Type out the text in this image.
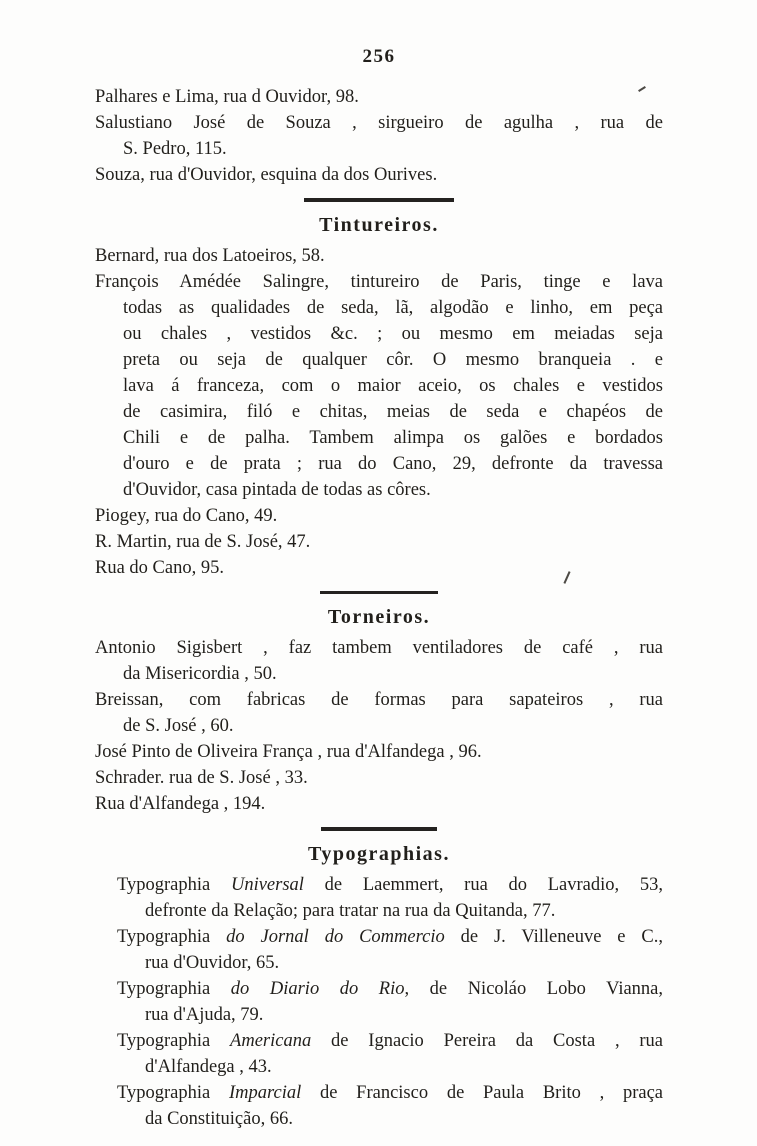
256

Palhares e Lima, rua d Ouvidor, 98.

Salustiano José de Souza , sirgueiro de agulha , rua de

S. Pedro, 115.

Souza, rua d'Ouvidor, esquina da dos Ourives.

Tintureiros.

Bernard, rua dos Latoeiros, 58.

François Amédée Salingre, tintureiro de Paris, tinge e lava

todas as qualidades de seda, lã, algodão e linho, em peça

ou chales , vestidos &c. ; ou mesmo em meiadas seja

preta ou seja de qualquer côr. O mesmo branqueia . e

lava á franceza, com o maior aceio, os chales e vestidos

de casimira, filó e chitas, meias de seda e chapéos de

Chili e de palha. Tambem alimpa os galões e bordados

d'ouro e de prata ; rua do Cano, 29, defronte da travessa

d'Ouvidor, casa pintada de todas as côres.

Piogey, rua do Cano, 49.

R. Martin, rua de S. José, 47.

Rua do Cano, 95.

Torneiros.

Antonio Sigisbert , faz tambem ventiladores de café , rua

da Misericordia , 50.

Breissan, com fabricas de formas para sapateiros , rua

de S. José , 60.

José Pinto de Oliveira França , rua d'Alfandega , 96.

Schrader. rua de S. José , 33.

Rua d'Alfandega , 194.

Typographias.

Typographia Universal de Laemmert, rua do Lavradio, 53,

defronte da Relação; para tratar na rua da Quitanda, 77.

Typographia do Jornal do Commercio de J. Villeneuve e C.,

rua d'Ouvidor, 65.

Typographia do Diario do Rio, de Nicoláo Lobo Vianna,

rua d'Ajuda, 79.

Typographia Americana de Ignacio Pereira da Costa , rua

d'Alfandega , 43.

Typographia Imparcial de Francisco de Paula Brito , praça

da Constituição, 66.
